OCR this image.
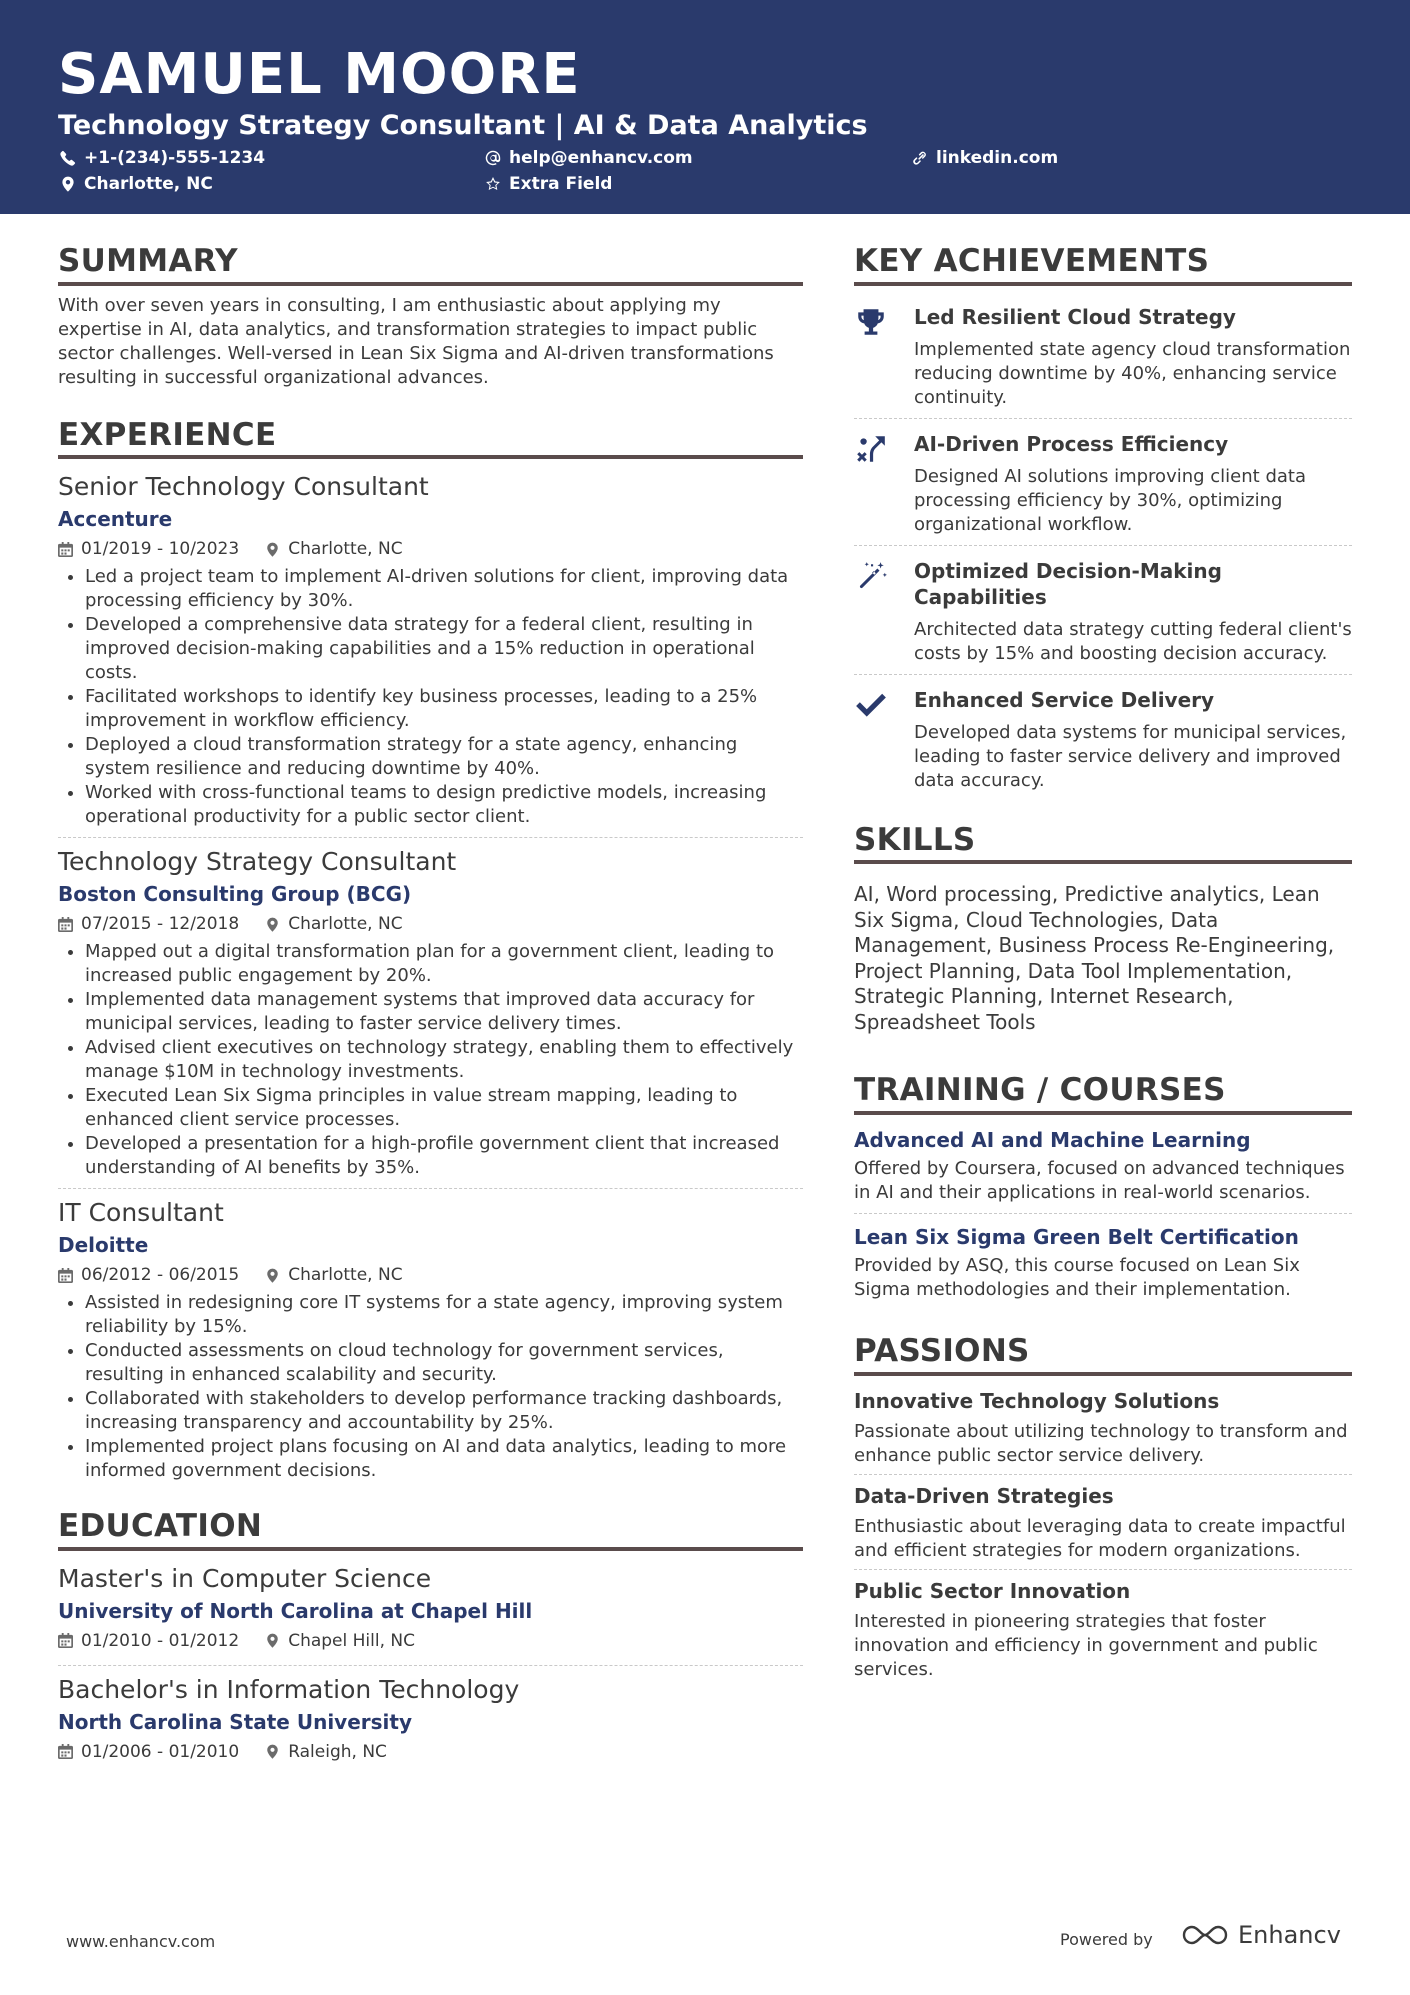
SAMUEL MOORE
Technology Strategy Consultant | AI & Data Analytics
+1-(234)-555-1234	help@enhancv.com	linkedin.com
Charlotte, NC	Extra Field
SUMMARY
With over seven years in consulting, I am enthusiastic about applying my expertise in AI, data analytics, and transformation strategies to impact public sector challenges. Well-versed in Lean Six Sigma and AI-driven transformations resulting in successful organizational advances.
EXPERIENCE
Senior Technology Consultant
Accenture
01/2019 - 10/2023	Charlotte, NC
• Led a project team to implement AI-driven solutions for client, improving data processing efficiency by 30%.
• Developed a comprehensive data strategy for a federal client, resulting in improved decision-making capabilities and a 15% reduction in operational costs.
• Facilitated workshops to identify key business processes, leading to a 25% improvement in workflow efficiency.
• Deployed a cloud transformation strategy for a state agency, enhancing system resilience and reducing downtime by 40%.
• Worked with cross-functional teams to design predictive models, increasing operational productivity for a public sector client.
Technology Strategy Consultant
Boston Consulting Group (BCG)
07/2015 - 12/2018	Charlotte, NC
• Mapped out a digital transformation plan for a government client, leading to increased public engagement by 20%.
• Implemented data management systems that improved data accuracy for municipal services, leading to faster service delivery times.
• Advised client executives on technology strategy, enabling them to effectively manage $10M in technology investments.
• Executed Lean Six Sigma principles in value stream mapping, leading to enhanced client service processes.
• Developed a presentation for a high-profile government client that increased understanding of AI benefits by 35%.
IT Consultant
Deloitte
06/2012 - 06/2015	Charlotte, NC
• Assisted in redesigning core IT systems for a state agency, improving system reliability by 15%.
• Conducted assessments on cloud technology for government services, resulting in enhanced scalability and security.
• Collaborated with stakeholders to develop performance tracking dashboards, increasing transparency and accountability by 25%.
• Implemented project plans focusing on AI and data analytics, leading to more informed government decisions.
EDUCATION
Master's in Computer Science
University of North Carolina at Chapel Hill
01/2010 - 01/2012	Chapel Hill, NC
Bachelor's in Information Technology
North Carolina State University
01/2006 - 01/2010	Raleigh, NC
KEY ACHIEVEMENTS
Led Resilient Cloud Strategy
Implemented state agency cloud transformation reducing downtime by 40%, enhancing service continuity.
AI-Driven Process Efficiency
Designed AI solutions improving client data processing efficiency by 30%, optimizing organizational workflow.
Optimized Decision-Making Capabilities
Architected data strategy cutting federal client's costs by 15% and boosting decision accuracy.
Enhanced Service Delivery
Developed data systems for municipal services, leading to faster service delivery and improved data accuracy.
SKILLS
AI, Word processing, Predictive analytics, Lean Six Sigma, Cloud Technologies, Data Management, Business Process Re-Engineering, Project Planning, Data Tool Implementation, Strategic Planning, Internet Research, Spreadsheet Tools
TRAINING / COURSES
Advanced AI and Machine Learning
Offered by Coursera, focused on advanced techniques in AI and their applications in real-world scenarios.
Lean Six Sigma Green Belt Certification
Provided by ASQ, this course focused on Lean Six Sigma methodologies and their implementation.
PASSIONS
Innovative Technology Solutions
Passionate about utilizing technology to transform and enhance public sector service delivery.
Data-Driven Strategies
Enthusiastic about leveraging data to create impactful and efficient strategies for modern organizations.
Public Sector Innovation
Interested in pioneering strategies that foster innovation and efficiency in government and public services.
www.enhancv.com	Powered by	Enhancv
